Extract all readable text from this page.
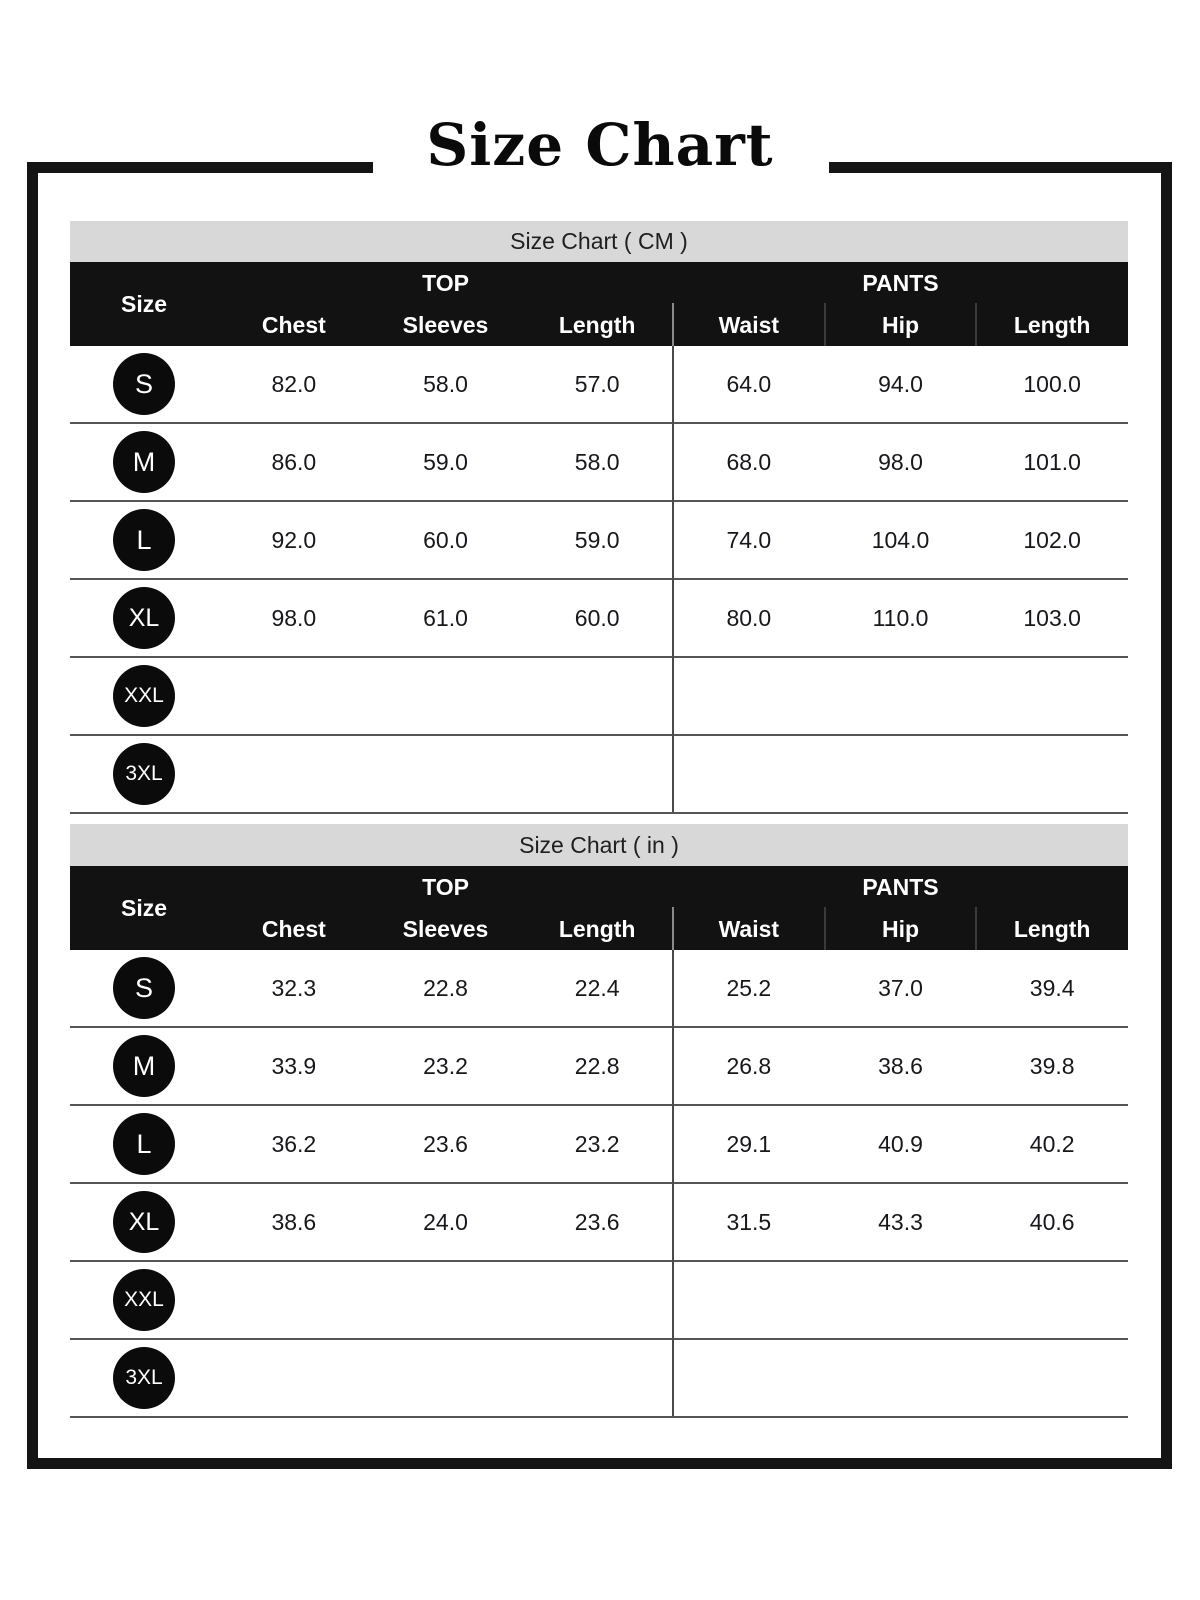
Size Chart
Size Chart ( CM )
Size
TOP	PANTS
Chest	Sleeves	Length	Waist	Hip	Length
S	82.0	58.0	57.0	64.0	94.0	100.0
M	86.0	59.0	58.0	68.0	98.0	101.0
L	92.0	60.0	59.0	74.0	104.0	102.0
XL	98.0	61.0	60.0	80.0	110.0	103.0
XXL
3XL
Size Chart ( in )
Size
TOP	PANTS
Chest	Sleeves	Length	Waist	Hip	Length
S	32.3	22.8	22.4	25.2	37.0	39.4
M	33.9	23.2	22.8	26.8	38.6	39.8
L	36.2	23.6	23.2	29.1	40.9	40.2
XL	38.6	24.0	23.6	31.5	43.3	40.6
XXL
3XL
